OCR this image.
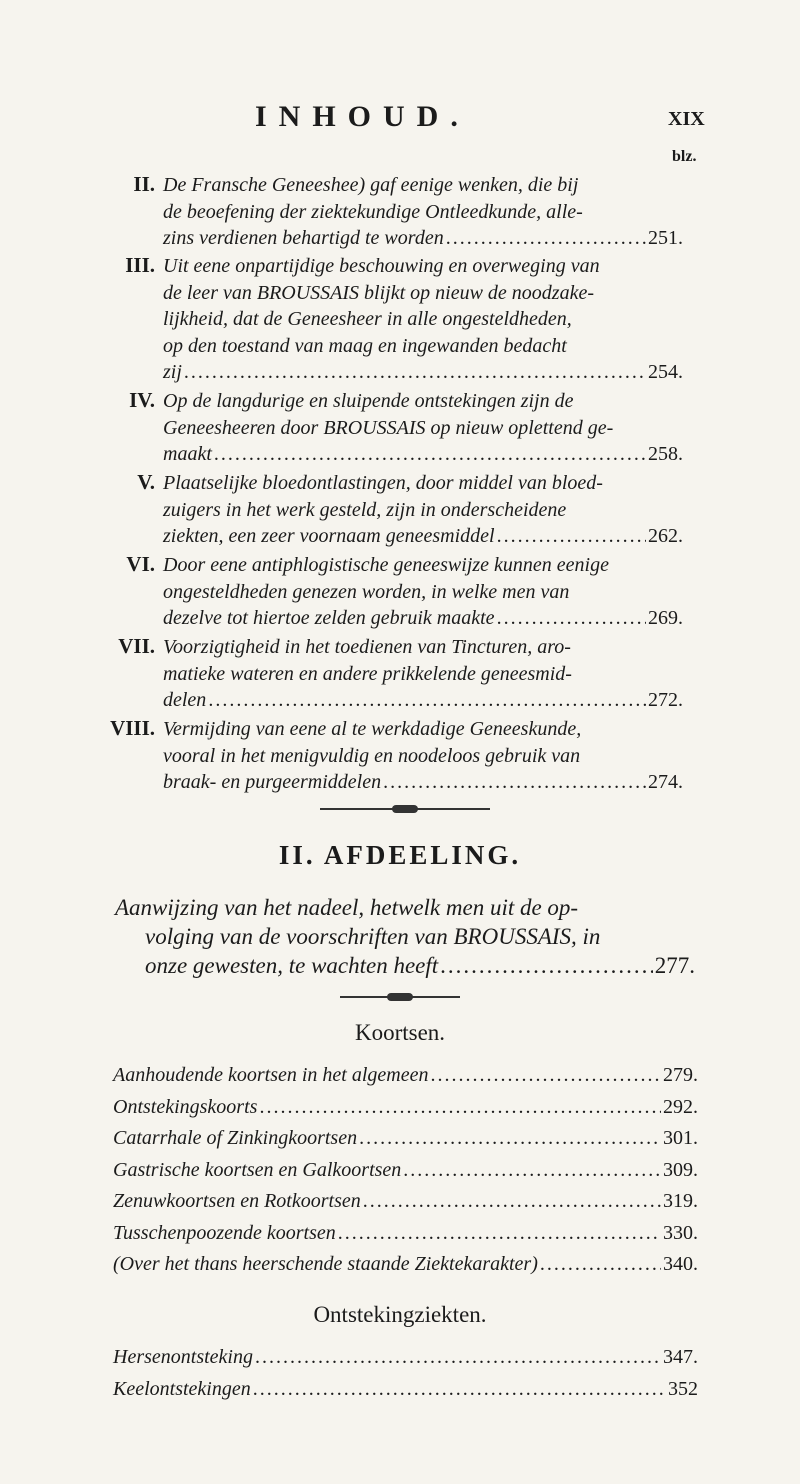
INHOUD.	XIX
blz.
II. De Fransche Geneeshee) gaf eenige wenken, die bij
de beoefening der ziektekundige Ontleedkunde, alle-
zins verdienen behartigd te worden .....	251.
III. Uit eene onpartijdige beschouwing en overweging van
de leer van BROUSSAIS blijkt op nieuw de noodzake-
lijkheid, dat de Geneesheer in alle ongesteldheden,
op den toestand van maag en ingewanden bedacht
zij .....	254.
IV. Op de langdurige en sluipende ontstekingen zijn de
Geneesheeren door BROUSSAIS op nieuw oplettend ge-
maakt .....	258.
V. Plaatselijke bloedontlastingen, door middel van bloed-
zuigers in het werk gesteld, zijn in onderscheidene
ziekten, een zeer voornaam geneesmiddel .....	262.
VI. Door eene antiphlogistische geneeswijze kunnen eenige
ongesteldheden genezen worden, in welke men van
dezelve tot hiertoe zelden gebruik maakte .....	269.
VII. Voorzigtigheid in het toedienen van Tincturen, aro-
matieke wateren en andere prikkelende geneesmid-
delen .....	272.
VIII. Vermijding van eene al te werkdadige Geneeskunde,
vooral in het menigvuldig en noodeloos gebruik van
braak- en purgeermiddelen .....	274.
II. AFDEELING.
Aanwijzing van het nadeel, hetwelk men uit de op-
volging van de voorschriften van BROUSSAIS, in
onze gewesten, te wachten heeft .....	277.
Koortsen.
Aanhoudende koortsen in het algemeen .....	279.
Ontstekingskoorts .....	292.
Catarrhale of Zinkingkoortsen .....	301.
Gastrische koortsen en Galkoortsen .....	309.
Zenuwkoortsen en Rotkoortsen .....	319.
Tusschenpoozende koortsen .....	330.
(Over het thans heerschende staande Ziektekarakter) .....	340.
Ontstekingziekten.
Hersenontsteking .....	347.
Keelontstekingen .....	352
